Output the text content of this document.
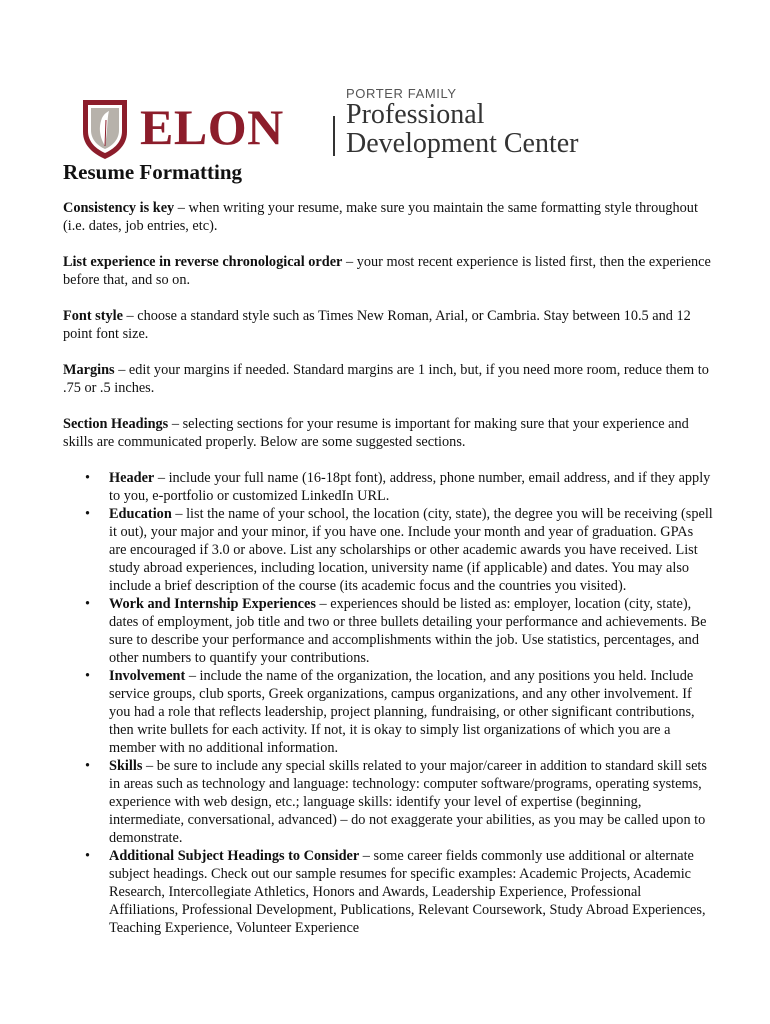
ELON
PORTER FAMILY
Professional
Development Center
Resume Formatting

Consistency is key – when writing your resume, make sure you maintain the same formatting style throughout (i.e. dates, job entries, etc).

List experience in reverse chronological order – your most recent experience is listed first, then the experience before that, and so on.

Font style – choose a standard style such as Times New Roman, Arial, or Cambria. Stay between 10.5 and 12 point font size.

Margins – edit your margins if needed. Standard margins are 1 inch, but, if you need more room, reduce them to .75 or .5 inches.

Section Headings – selecting sections for your resume is important for making sure that your experience and skills are communicated properly. Below are some suggested sections.

• Header – include your full name (16-18pt font), address, phone number, email address, and if they apply to you, e-portfolio or customized LinkedIn URL.
• Education – list the name of your school, the location (city, state), the degree you will be receiving (spell it out), your major and your minor, if you have one. Include your month and year of graduation. GPAs are encouraged if 3.0 or above. List any scholarships or other academic awards you have received. List study abroad experiences, including location, university name (if applicable) and dates. You may also include a brief description of the course (its academic focus and the countries you visited).
• Work and Internship Experiences – experiences should be listed as: employer, location (city, state), dates of employment, job title and two or three bullets detailing your performance and achievements. Be sure to describe your performance and accomplishments within the job. Use statistics, percentages, and other numbers to quantify your contributions.
• Involvement – include the name of the organization, the location, and any positions you held. Include service groups, club sports, Greek organizations, campus organizations, and any other involvement. If you had a role that reflects leadership, project planning, fundraising, or other significant contributions, then write bullets for each activity. If not, it is okay to simply list organizations of which you are a member with no additional information.
• Skills – be sure to include any special skills related to your major/career in addition to standard skill sets in areas such as technology and language: technology: computer software/programs, operating systems, experience with web design, etc.; language skills: identify your level of expertise (beginning, intermediate, conversational, advanced) – do not exaggerate your abilities, as you may be called upon to demonstrate.
• Additional Subject Headings to Consider – some career fields commonly use additional or alternate subject headings. Check out our sample resumes for specific examples: Academic Projects, Academic Research, Intercollegiate Athletics, Honors and Awards, Leadership Experience, Professional Affiliations, Professional Development, Publications, Relevant Coursework, Study Abroad Experiences, Teaching Experience, Volunteer Experience
